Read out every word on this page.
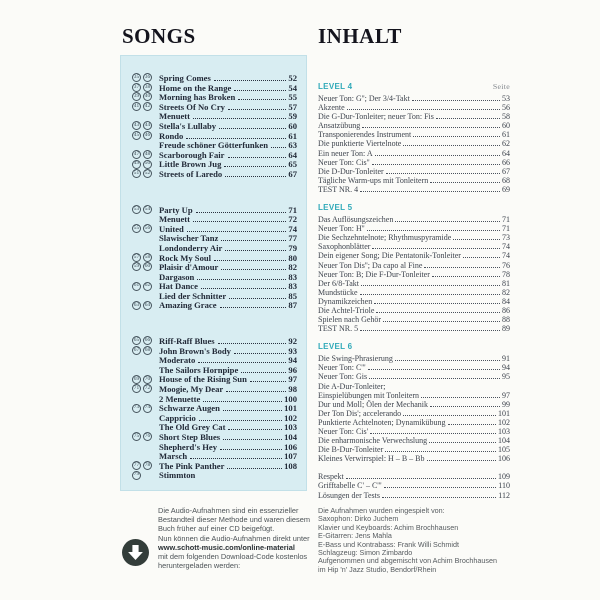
SONGS
35	36 Spring Comes	52
37	38 Home on the Range	54
39	40 Morning has Broken	55
41	42 Streets Of No Cry	57
Menuett	59
43	44 Stella's Lullaby	60
45	46 Rondo	61
Freude schöner Götterfunken 63
47	48 Scarborough Fair	64
49	50 Little Brown Jug	65
51	52 Streets of Laredo	67
53	54 Party Up	71
Menuett	72
55	56 United	74
Slawischer Tanz	77
Londonderry Air	79
57	58 Rock My Soul	80
59	60 Plaisir d'Amour	82
Dargason	83
61	62 Hat Dance	83
Lied der Schnitter	85
63	64 Amazing Grace	87
65	66 Riff-Raff Blues	92
67	68 John Brown's Body	93
Moderato	94
The Sailors Hornpipe	96
69	70 House of the Rising Sun	97
71	72 Moogie, My Dear	98
2 Menuette	100
73	74 Schwarze Augen	101
Cappricio	102
The Old Grey Cat	103
75	76 Short Step Blues	104
Shepherd's Hey	106
Marsch	107
77	78 The Pink Panther	108
79 Stimmton
INHALT
LEVEL 4	Seite
Neuer Ton: G''; Der 3/4-Takt	53
Akzente	56
Die G-Dur-Tonleiter; neuer Ton: Fis	58
Ansatzübung	60
Transponierendes Instrument	61
Die punktierte Viertelnote	62
Ein neuer Ton: A	64
Neuer Ton: Cis''	66
Die D-Dur-Tonleiter	67
Tägliche Warm-ups mit Tonleitern	68
TEST NR. 4	69
LEVEL 5
Das Auflösungszeichen	71
Neuer Ton: H''	71
Die Sechzehntelnote; Rhythmuspyramide	73
Saxophonblätter	74
Dein eigener Song; Die Pentatonik-Tonleiter	74
Neuer Ton Dis''; Da capo al Fine	76
Neuer Ton: B; Die F-Dur-Tonleiter	78
Der 6/8-Takt	81
Mundstücke	82
Dynamikzeichen	84
Die Achtel-Triole	86
Spielen nach Gehör	88
TEST NR. 5	89
LEVEL 6
Die Swing-Phrasierung	91
Neuer Ton: C'''	94
Neuer Ton: Gis	95
Die A-Dur-Tonleiter;
Einspielübungen mit Tonleitern	97
Dur und Moll; Ölen der Mechanik	99
Der Ton Dis'; accelerando	101
Punktierte Achtelnoten; Dynamikübung	102
Neuer Ton: Cis'	103
Die enharmonische Verwechslung	104
Die B-Dur-Tonleiter	105
Kleines Verwirrspiel: H – B – Bb	106
Respekt	109
Grifftabelle C' – C'''	110
Lösungen der Tests	112
Die Aufnahmen wurden eingespielt von:
Saxophon: Dirko Juchem
Klavier und Keyboards: Achim Brochhausen
E-Gitarren: Jens Mahla
E-Bass und Kontrabass: Frank Willi Schmidt
Schlagzeug: Simon Zimbardo
Aufgenommen und abgemischt von Achim Brochhausen
im Hip 'n' Jazz Studio, Bendorf/Rhein
Die Audio-Aufnahmen sind ein essenzieller
Bestandteil dieser Methode und waren diesem
Buch früher auf einer CD beigefügt.
Nun können die Audio-Aufnahmen direkt unter
www.schott-music.com/online-material
mit dem folgenden Download-Code kostenlos
heruntergeladen werden:
